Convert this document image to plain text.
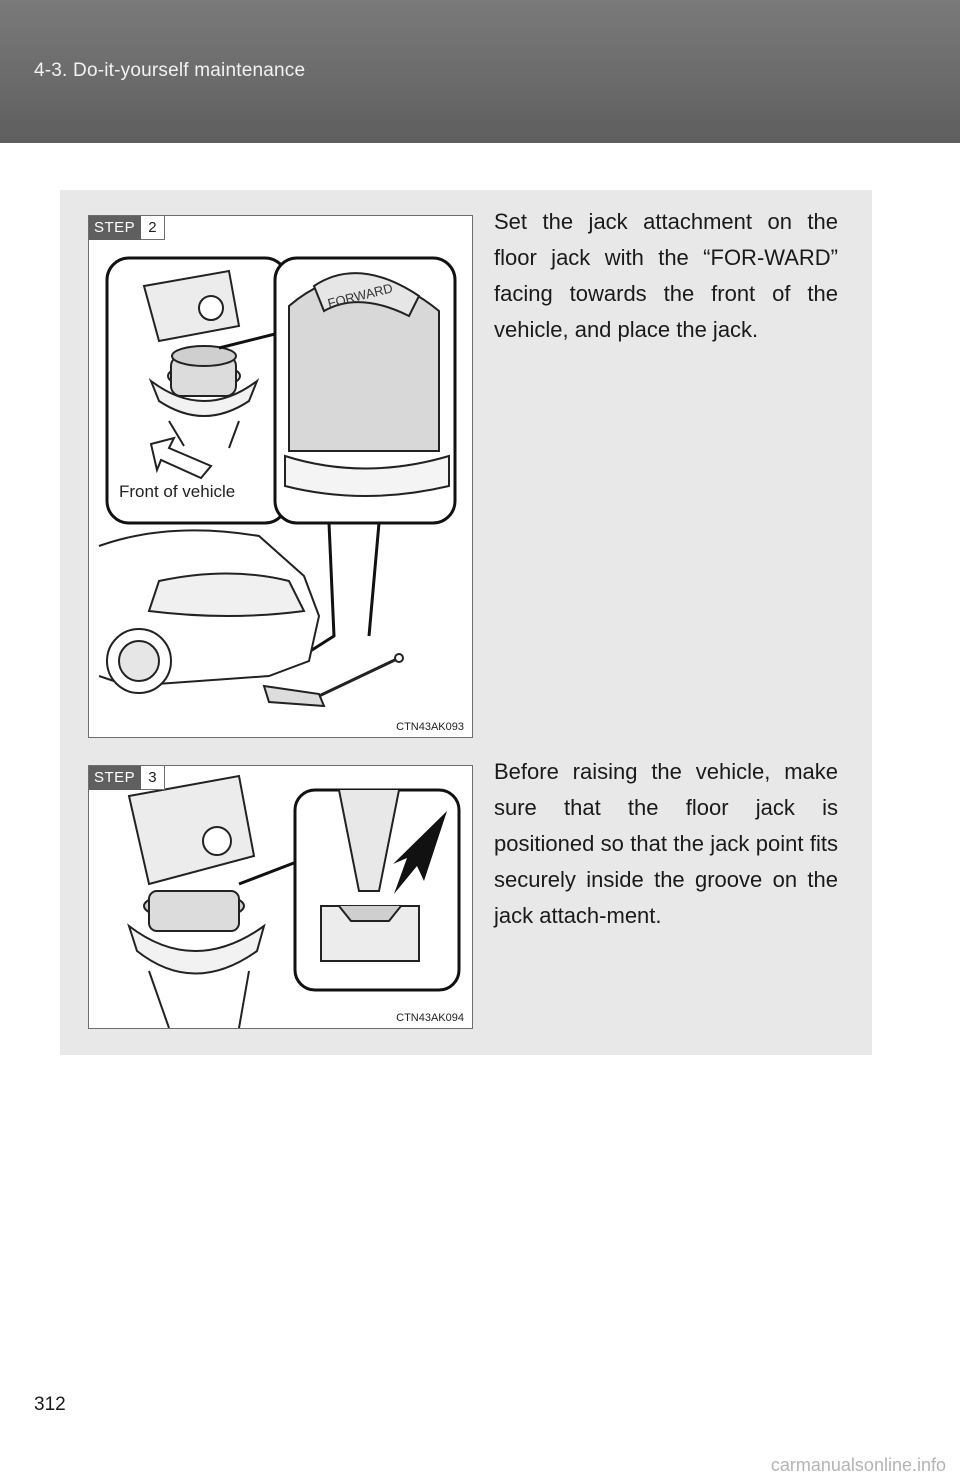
4-3. Do-it-yourself maintenance
STEP 2
FORWARD
Front of vehicle
CTN43AK093
Set the jack attachment on the floor jack with the “FOR-WARD” facing towards the front of the vehicle, and place the jack.
STEP 3
CTN43AK094
Before raising the vehicle, make sure that the floor jack is positioned so that the jack point fits securely inside the groove on the jack attach-ment.
312
carmanualsonline.info
